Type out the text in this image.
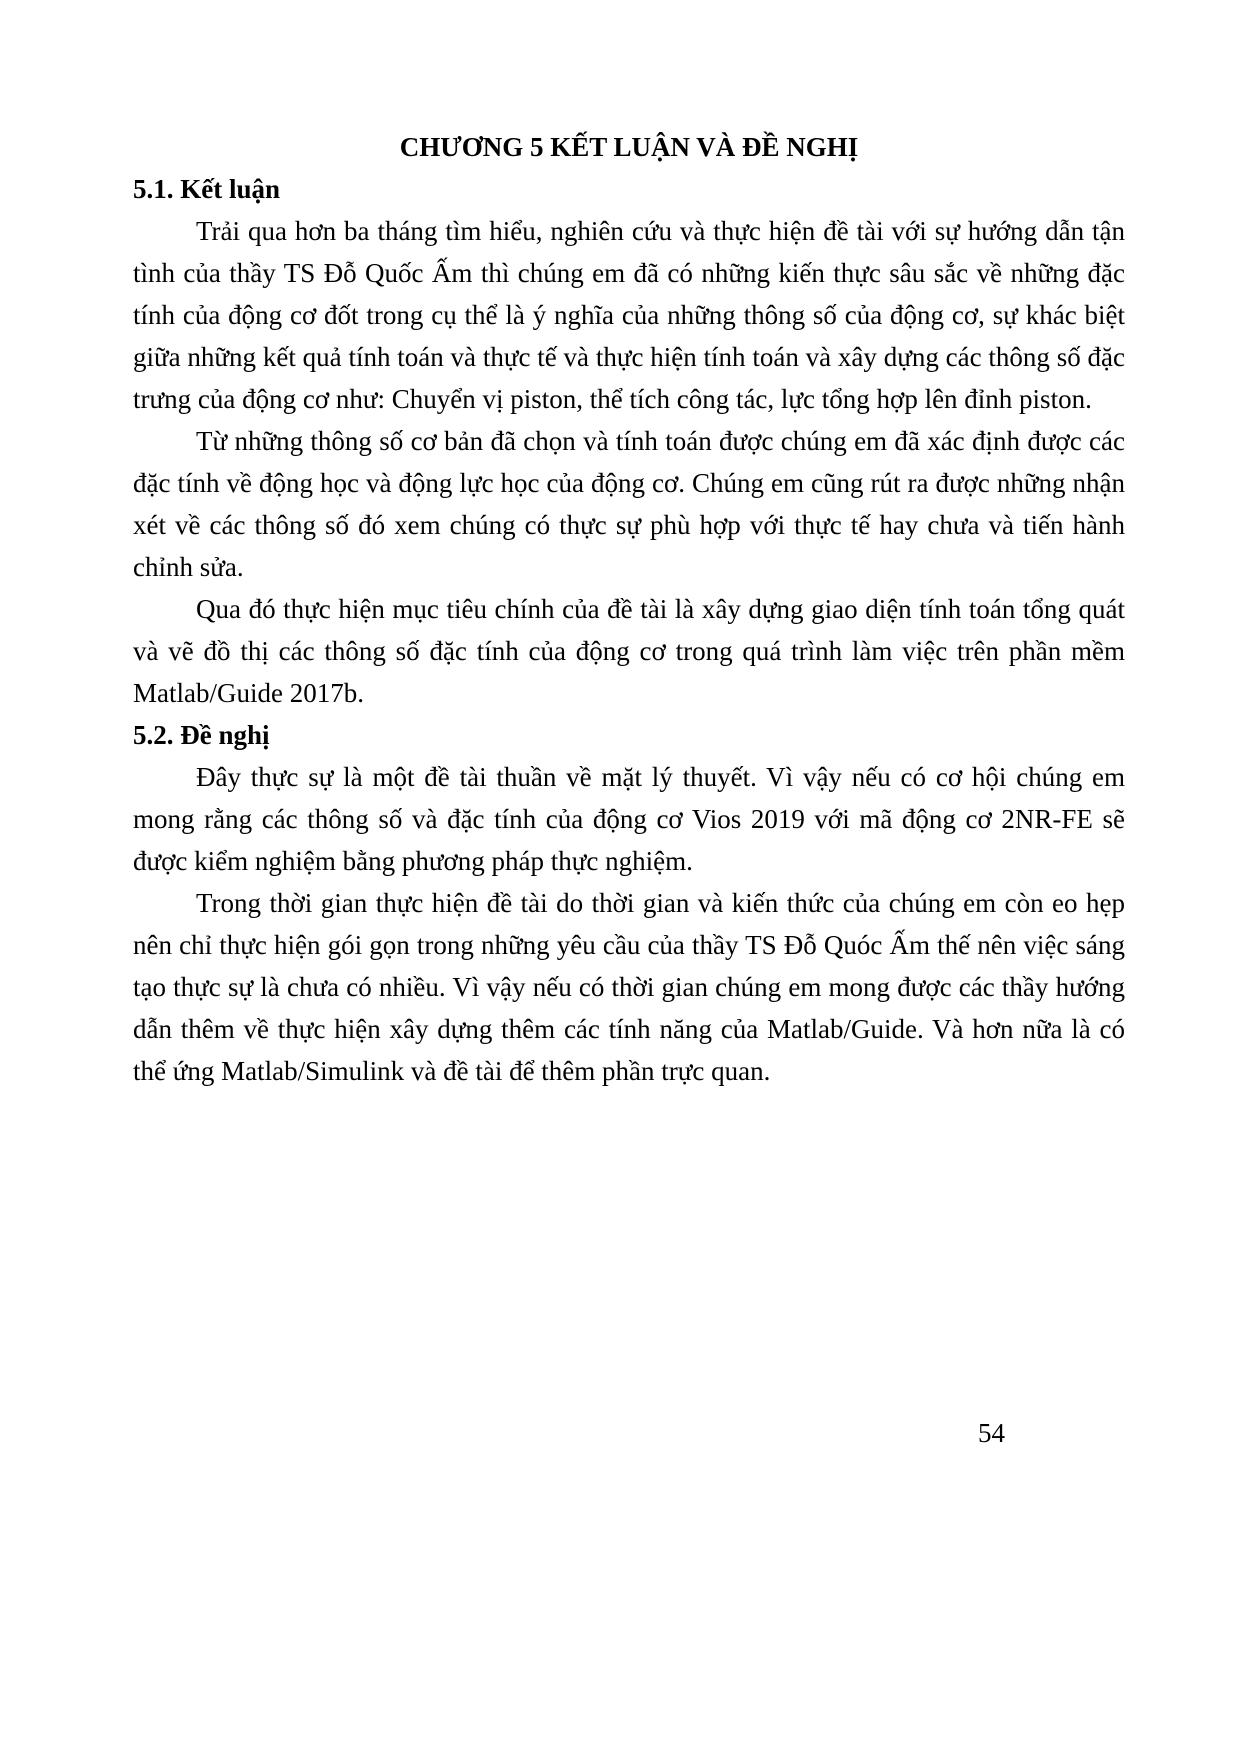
CHƯƠNG 5 KẾT LUẬN VÀ ĐỀ NGHỊ
5.1. Kết luận

Trải qua hơn ba tháng tìm hiểu, nghiên cứu và thực hiện đề tài với sự hướng dẫn tận tình của thầy TS Đỗ Quốc Ấm thì chúng em đã có những kiến thực sâu sắc về những đặc tính của động cơ đốt trong cụ thể là ý nghĩa của những thông số của động cơ, sự khác biệt giữa những kết quả tính toán và thực tế và thực hiện tính toán và xây dựng các thông số đặc trưng của động cơ như: Chuyển vị piston, thể tích công tác, lực tổng hợp lên đỉnh piston.

Từ những thông số cơ bản đã chọn và tính toán được chúng em đã xác định được các đặc tính về động học và động lực học của động cơ. Chúng em cũng rút ra được những nhận xét về các thông số đó xem chúng có thực sự phù hợp với thực tế hay chưa và tiến hành chỉnh sửa.

Qua đó thực hiện mục tiêu chính của đề tài là xây dựng giao diện tính toán tổng quát và vẽ đồ thị các thông số đặc tính của động cơ trong quá trình làm việc trên phần mềm Matlab/Guide 2017b.

5.2. Đề nghị

Đây thực sự là một đề tài thuần về mặt lý thuyết. Vì vậy nếu có cơ hội chúng em mong rằng các thông số và đặc tính của động cơ Vios 2019 với mã động cơ 2NR-FE sẽ được kiểm nghiệm bằng phương pháp thực nghiệm.

Trong thời gian thực hiện đề tài do thời gian và kiến thức của chúng em còn eo hẹp nên chỉ thực hiện gói gọn trong những yêu cầu của thầy TS Đỗ Quóc Ấm thế nên việc sáng tạo thực sự là chưa có nhiều. Vì vậy nếu có thời gian chúng em mong được các thầy hướng dẫn thêm về thực hiện xây dựng thêm các tính năng của Matlab/Guide. Và hơn nữa là có thể ứng Matlab/Simulink và đề tài để thêm phần trực quan.

54
